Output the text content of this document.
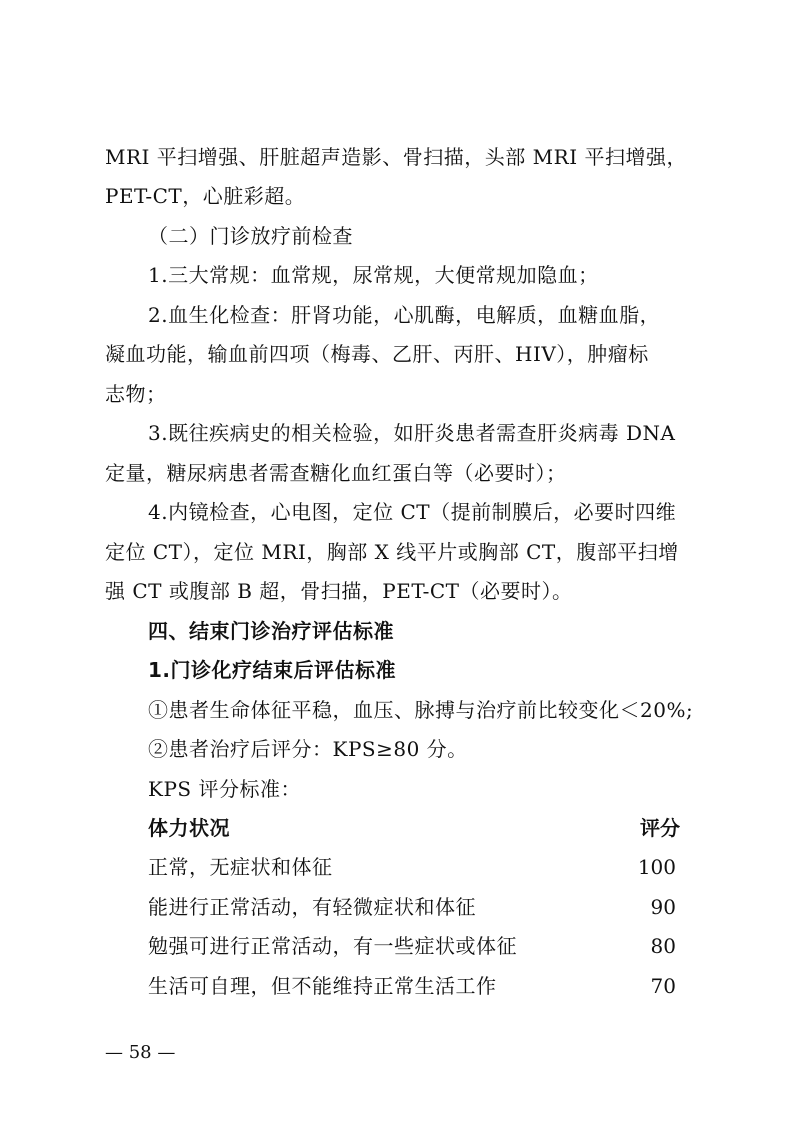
MRI 平扫增强、肝脏超声造影、骨扫描，头部 MRI 平扫增强，
PET-CT，心脏彩超。
（二）门诊放疗前检查
1.三大常规：血常规，尿常规，大便常规加隐血；
2.血生化检查：肝肾功能，心肌酶，电解质，血糖血脂，
凝血功能，输血前四项（梅毒、乙肝、丙肝、HIV），肿瘤标
志物；
3.既往疾病史的相关检验，如肝炎患者需查肝炎病毒 DNA
定量，糖尿病患者需查糖化血红蛋白等（必要时）；
4.内镜检查，心电图，定位 CT（提前制膜后，必要时四维
定位 CT），定位 MRI，胸部 X 线平片或胸部 CT，腹部平扫增
强 CT 或腹部 B 超，骨扫描，PET-CT（必要时）。
四、结束门诊治疗评估标准
1.门诊化疗结束后评估标准
①患者生命体征平稳，血压、脉搏与治疗前比较变化＜20%;
②患者治疗后评分：KPS≥80 分。
KPS 评分标准：
体力状况	评分
正常，无症状和体征	100
能进行正常活动，有轻微症状和体征	90
勉强可进行正常活动，有一些症状或体征	80
生活可自理，但不能维持正常生活工作	70
— 58 —
